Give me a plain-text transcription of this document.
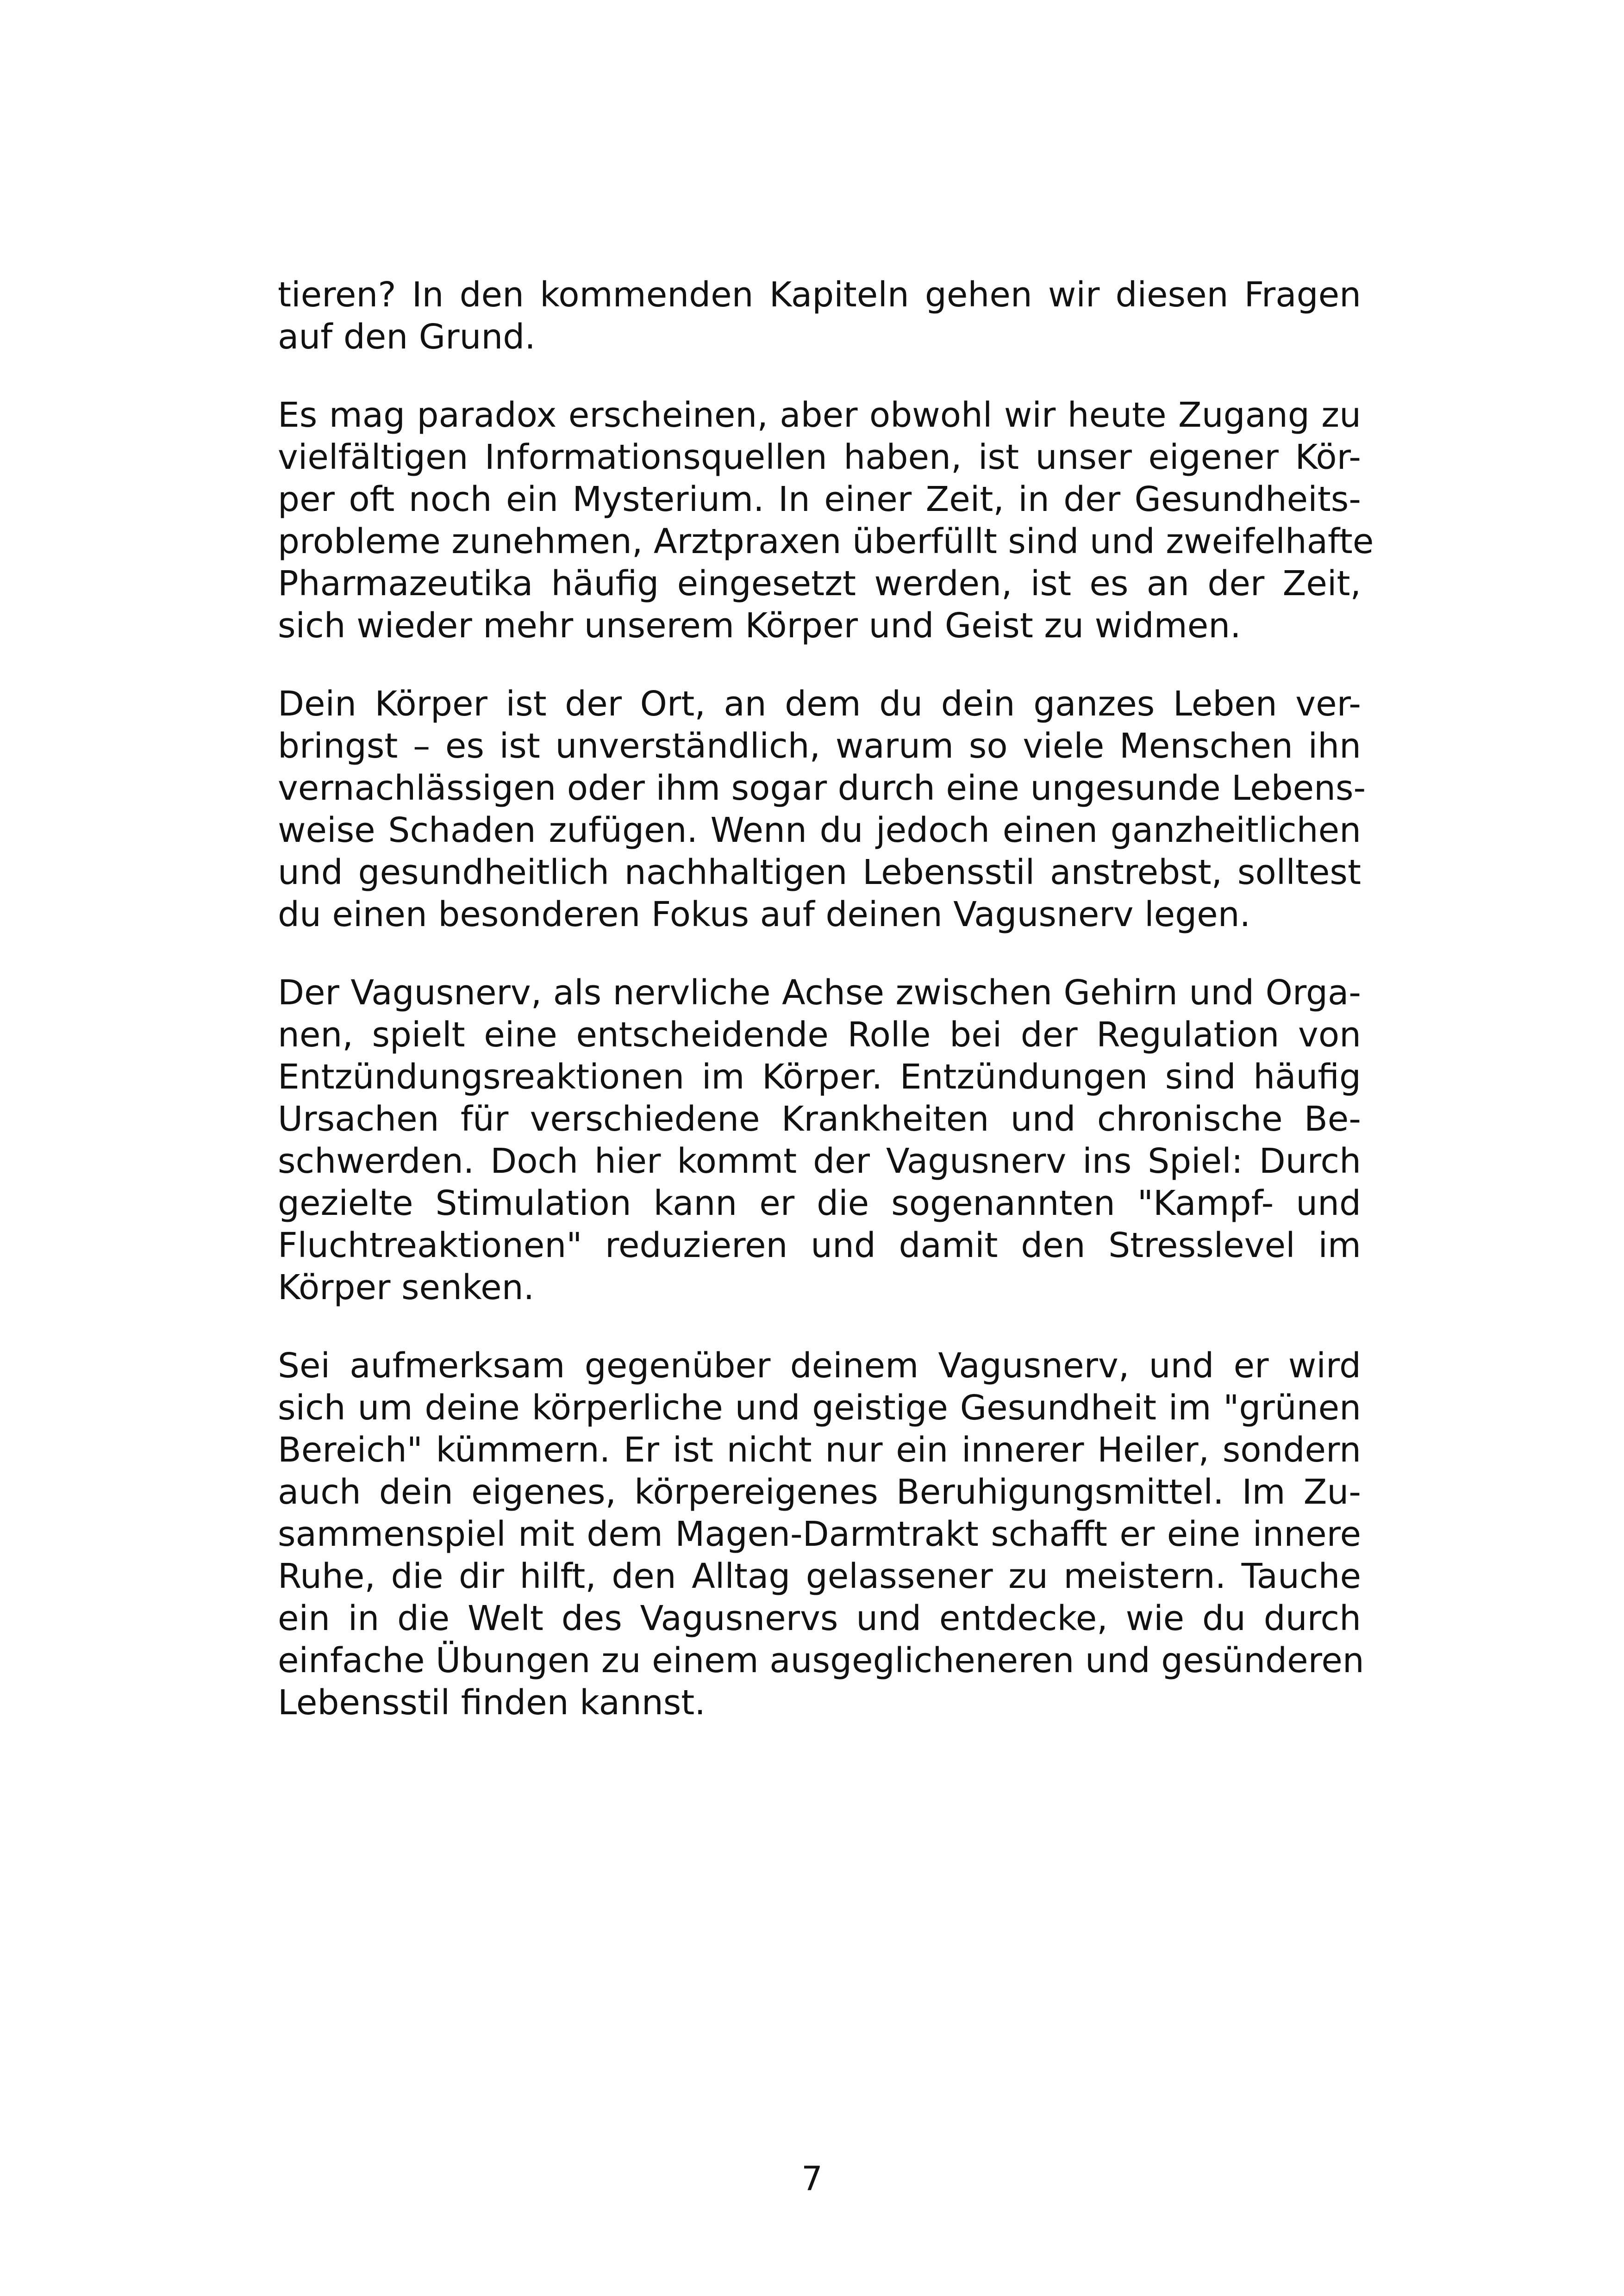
tieren? In den kommenden Kapiteln gehen wir diesen Fragen
auf den Grund.

Es mag paradox erscheinen, aber obwohl wir heute Zugang zu
vielfältigen Informationsquellen haben, ist unser eigener Kör-
per oft noch ein Mysterium. In einer Zeit, in der Gesundheits-
probleme zunehmen, Arztpraxen überfüllt sind und zweifelhafte
Pharmazeutika häufig eingesetzt werden, ist es an der Zeit,
sich wieder mehr unserem Körper und Geist zu widmen.

Dein Körper ist der Ort, an dem du dein ganzes Leben ver-
bringst – es ist unverständlich, warum so viele Menschen ihn
vernachlässigen oder ihm sogar durch eine ungesunde Lebens-
weise Schaden zufügen. Wenn du jedoch einen ganzheitlichen
und gesundheitlich nachhaltigen Lebensstil anstrebst, solltest
du einen besonderen Fokus auf deinen Vagusnerv legen.

Der Vagusnerv, als nervliche Achse zwischen Gehirn und Orga-
nen, spielt eine entscheidende Rolle bei der Regulation von
Entzündungsreaktionen im Körper. Entzündungen sind häufig
Ursachen für verschiedene Krankheiten und chronische Be-
schwerden. Doch hier kommt der Vagusnerv ins Spiel: Durch
gezielte Stimulation kann er die sogenannten "Kampf- und
Fluchtreaktionen" reduzieren und damit den Stresslevel im
Körper senken.

Sei aufmerksam gegenüber deinem Vagusnerv, und er wird
sich um deine körperliche und geistige Gesundheit im "grünen
Bereich" kümmern. Er ist nicht nur ein innerer Heiler, sondern
auch dein eigenes, körpereigenes Beruhigungsmittel. Im Zu-
sammenspiel mit dem Magen-Darmtrakt schafft er eine innere
Ruhe, die dir hilft, den Alltag gelassener zu meistern. Tauche
ein in die Welt des Vagusnervs und entdecke, wie du durch
einfache Übungen zu einem ausgeglicheneren und gesünderen
Lebensstil finden kannst.

7
